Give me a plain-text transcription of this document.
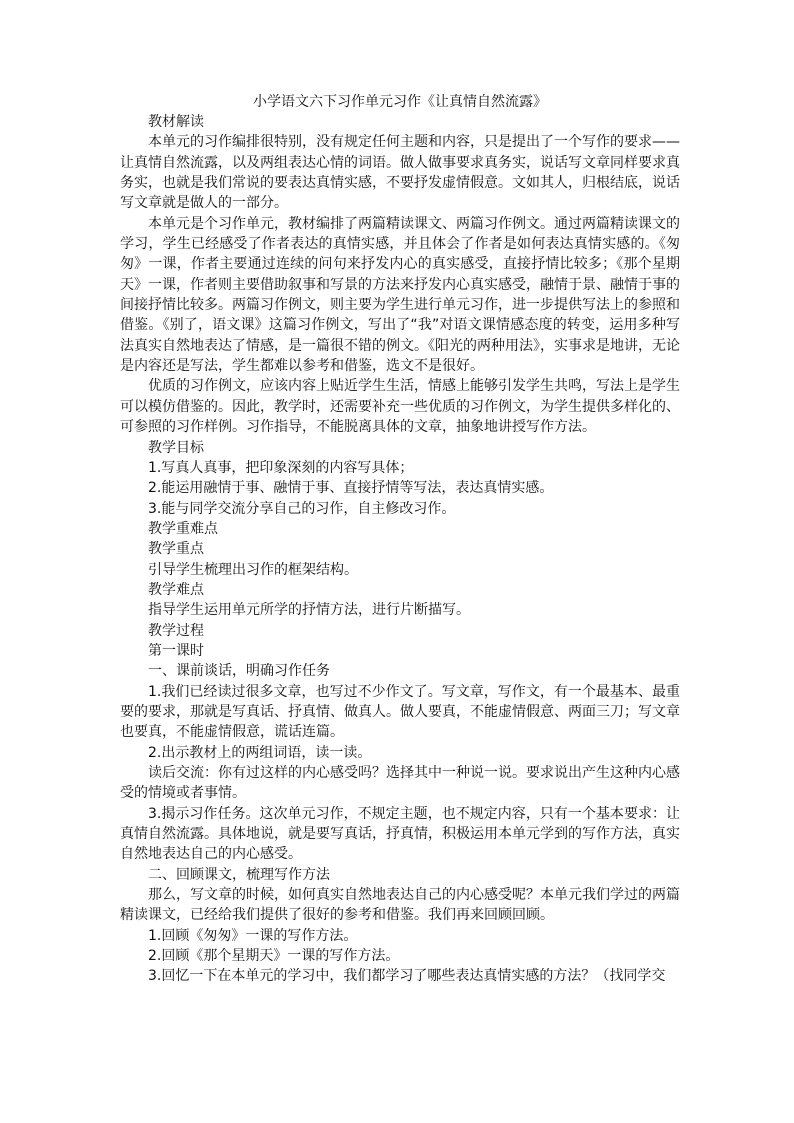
小学语文六下习作单元习作《让真情自然流露》

教材解读

本单元的习作编排很特别，没有规定任何主题和内容，只是提出了一个写作的要求——让真情自然流露，以及两组表达心情的词语。做人做事要求真务实，说话写文章同样要求真务实，也就是我们常说的要表达真情实感，不要抒发虚情假意。文如其人，归根结底，说话写文章就是做人的一部分。

本单元是个习作单元，教材编排了两篇精读课文、两篇习作例文。通过两篇精读课文的学习，学生已经感受了作者表达的真情实感，并且体会了作者是如何表达真情实感的。《匆匆》一课，作者主要通过连续的问句来抒发内心的真实感受，直接抒情比较多；《那个星期天》一课，作者则主要借助叙事和写景的方法来抒发内心真实感受，融情于景、融情于事的间接抒情比较多。两篇习作例文，则主要为学生进行单元习作，进一步提供写法上的参照和借鉴。《别了，语文课》这篇习作例文，写出了“我”对语文课情感态度的转变，运用多种写法真实自然地表达了情感，是一篇很不错的例文。《阳光的两种用法》，实事求是地讲，无论是内容还是写法，学生都难以参考和借鉴，选文不是很好。

优质的习作例文，应该内容上贴近学生生活，情感上能够引发学生共鸣，写法上是学生可以模仿借鉴的。因此，教学时，还需要补充一些优质的习作例文，为学生提供多样化的、可参照的习作样例。习作指导，不能脱离具体的文章，抽象地讲授写作方法。

教学目标

1.写真人真事，把印象深刻的内容写具体；

2.能运用融情于事、融情于事、直接抒情等写法，表达真情实感。

3.能与同学交流分享自己的习作，自主修改习作。

教学重难点

教学重点

引导学生梳理出习作的框架结构。

教学难点

指导学生运用单元所学的抒情方法，进行片断描写。

教学过程

第一课时

一、课前谈话，明确习作任务

1.我们已经读过很多文章，也写过不少作文了。写文章，写作文，有一个最基本、最重要的要求，那就是写真话、抒真情、做真人。做人要真，不能虚情假意、两面三刀；写文章也要真，不能虚情假意，谎话连篇。

2.出示教材上的两组词语，读一读。

读后交流：你有过这样的内心感受吗？选择其中一种说一说。要求说出产生这种内心感受的情境或者事情。

3.揭示习作任务。这次单元习作，不规定主题，也不规定内容，只有一个基本要求：让真情自然流露。具体地说，就是要写真话，抒真情，积极运用本单元学到的写作方法，真实自然地表达自己的内心感受。

二、回顾课文，梳理写作方法

那么，写文章的时候，如何真实自然地表达自己的内心感受呢？本单元我们学过的两篇精读课文，已经给我们提供了很好的参考和借鉴。我们再来回顾回顾。

1.回顾《匆匆》一课的写作方法。

2.回顾《那个星期天》一课的写作方法。

3.回忆一下在本单元的学习中，我们都学习了哪些表达真情实感的方法？（找同学交
